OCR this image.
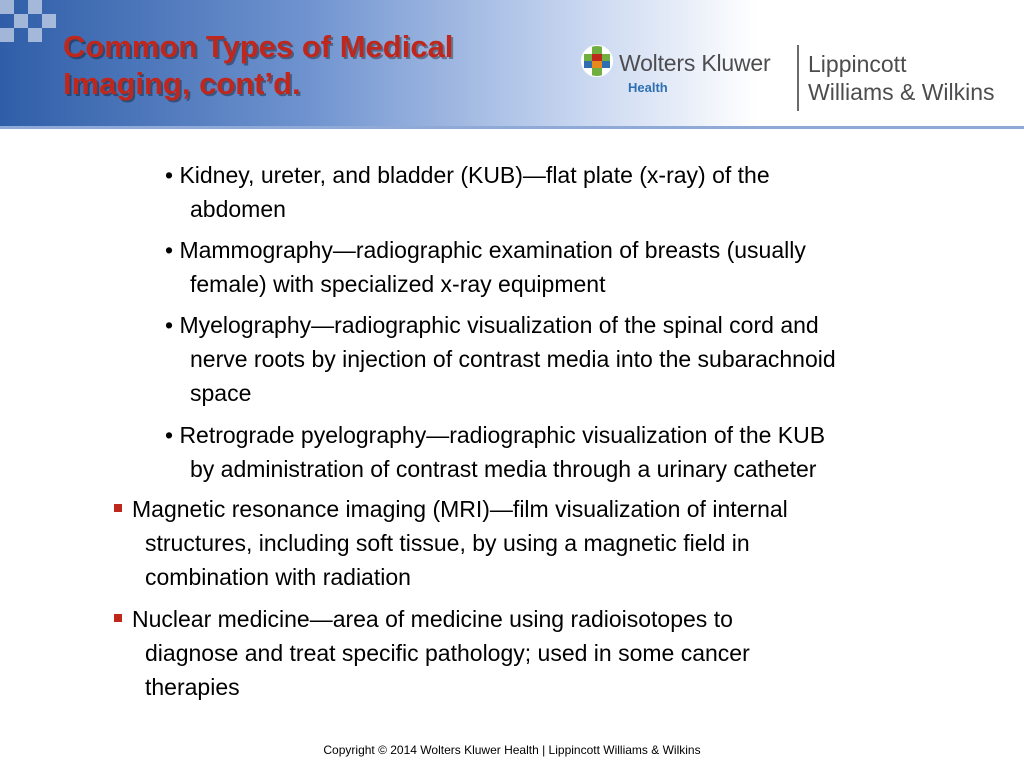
Common Types of Medical
Imaging, cont’d.
Wolters Kluwer
Health
Lippincott
Williams & Wilkins
• Kidney, ureter, and bladder (KUB)—flat plate (x-ray) of the
abdomen
• Mammography—radiographic examination of breasts (usually
female) with specialized x-ray equipment
• Myelography—radiographic visualization of the spinal cord and
nerve roots by injection of contrast media into the subarachnoid
space
• Retrograde pyelography—radiographic visualization of the KUB
by administration of contrast media through a urinary catheter
Magnetic resonance imaging (MRI)—film visualization of internal
structures, including soft tissue, by using a magnetic field in
combination with radiation
Nuclear medicine—area of medicine using radioisotopes to
diagnose and treat specific pathology; used in some cancer
therapies
Copyright © 2014 Wolters Kluwer Health | Lippincott Williams & Wilkins
